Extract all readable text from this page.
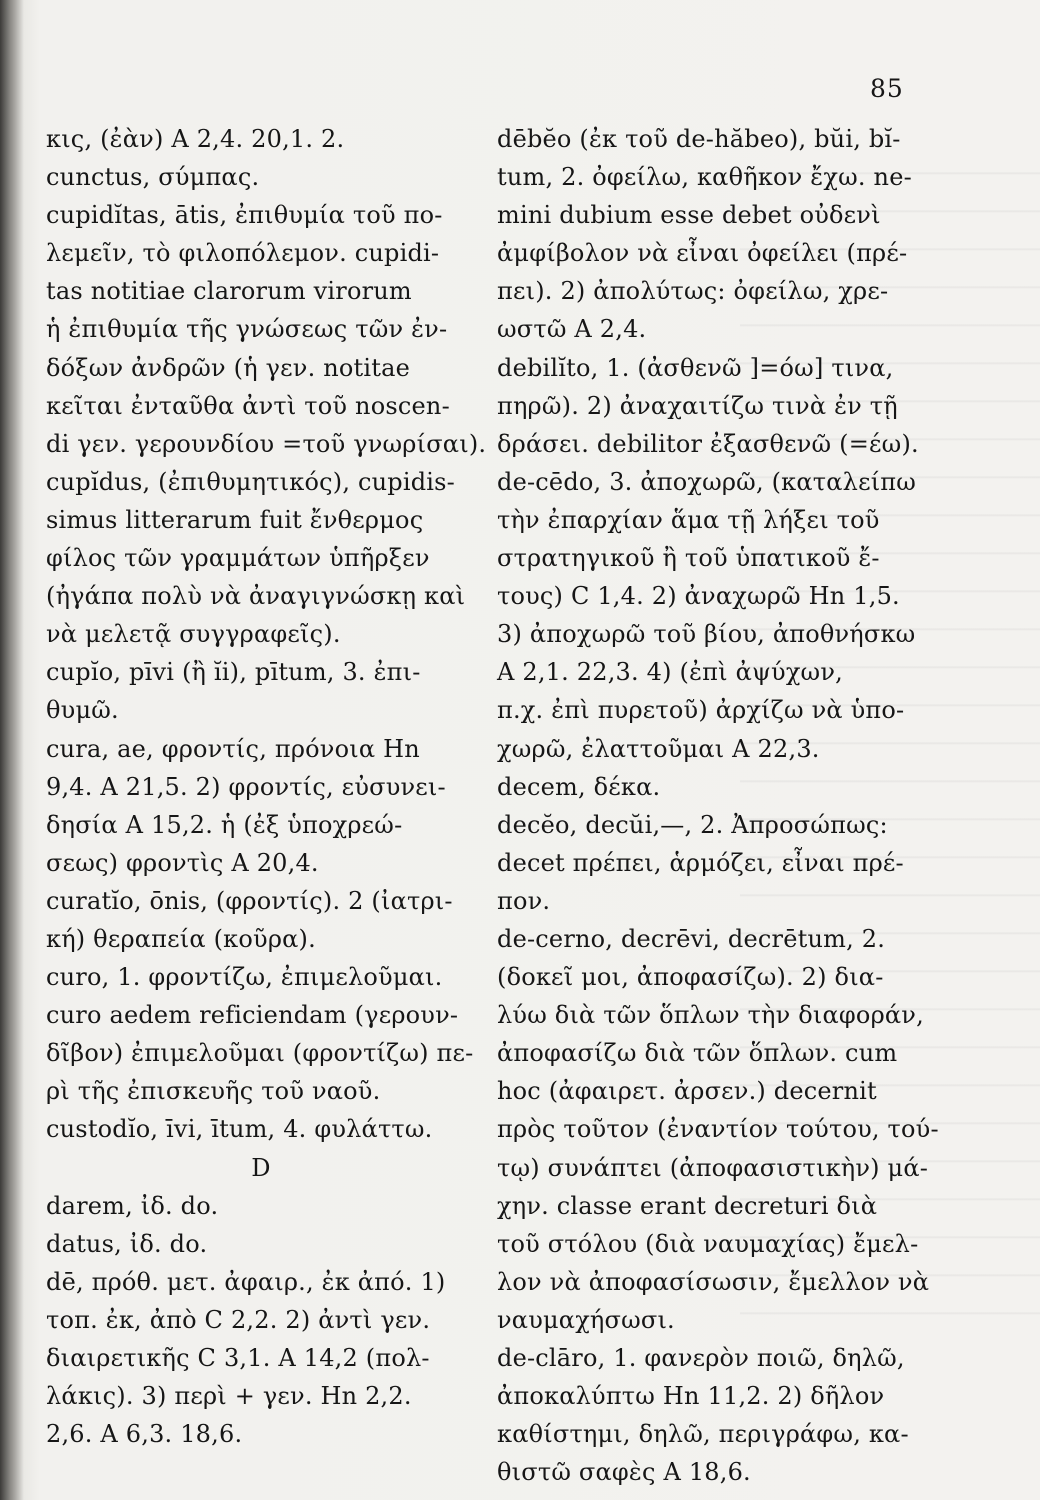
85
κις, (ἐὰν) A 2,4. 20,1. 2.
cunctus, σύμπας.
cupidĭtas, ātis, ἐπιθυμία τοῦ πο-
λεμεῖν, τὸ φιλοπόλεμον. cupidi-
tas notitiae clarorum virorum
ἡ ἐπιθυμία τῆς γνώσεως τῶν ἐν-
δόξων ἀνδρῶν (ἡ γεν. notitae
κεῖται ἐνταῦθα ἀντὶ τοῦ noscen-
di γεν. γερουνδίου =τοῦ γνωρίσαι).
cupĭdus, (ἐπιθυμητικός), cupidis-
simus litterarum fuit ἔνθερμος
φίλος τῶν γραμμάτων ὑπῆρξεν
(ἠγάπα πολὺ νὰ ἀναγιγνώσκῃ καὶ
νὰ μελετᾷ συγγραφεῖς).
cupĭo, pīvi (ἢ ĭi), pītum, 3. ἐπι-
θυμῶ.
cura, ae, φροντίς, πρόνοια Hn
9,4. A 21,5. 2) φροντίς, εὐσυνει-
δησία A 15,2. ἡ (ἐξ ὑποχρεώ-
σεως) φροντὶς A 20,4.
curatĭo, ōnis, (φροντίς). 2 (ἰατρι-
κή) θεραπεία (κοῦρα).
curo, 1. φροντίζω, ἐπιμελοῦμαι.
curo aedem reficiendam (γερουν-
δῖβον) ἐπιμελοῦμαι (φροντίζω) πε-
ρὶ τῆς ἐπισκευῆς τοῦ ναοῦ.
custodĭo, īvi, ītum, 4. φυλάττω.
D
darem, ἰδ. do.
datus, ἰδ. do.
dē, πρόθ. μετ. ἀφαιρ., ἐκ ἀπό. 1)
τοπ. ἐκ, ἀπὸ C 2,2. 2) ἀντὶ γεν.
διαιρετικῆς C 3,1. A 14,2 (πολ-
λάκις). 3) περὶ + γεν. Hn 2,2.
2,6. A 6,3. 18,6.
dēbĕo (ἐκ τοῦ de-hăbeo), bŭi, bĭ-
tum, 2. ὀφείλω, καθῆκον ἔχω. ne-
mini dubium esse debet οὐδενὶ
ἀμφίβολον νὰ εἶναι ὀφείλει (πρέ-
πει). 2) ἀπολύτως: ὀφείλω, χρε-
ωστῶ A 2,4.
debilĭto, 1. (ἀσθενῶ ]=όω] τινα,
πηρῶ). 2) ἀναχαιτίζω τινὰ ἐν τῇ
δράσει. debilitor ἐξασθενῶ (=έω).
de-cēdo, 3. ἀποχωρῶ, (καταλείπω
τὴν ἐπαρχίαν ἅμα τῇ λήξει τοῦ
στρατηγικοῦ ἢ τοῦ ὑπατικοῦ ἔ-
τους) C 1,4. 2) ἀναχωρῶ Hn 1,5.
3) ἀποχωρῶ τοῦ βίου, ἀποθνήσκω
A 2,1. 22,3. 4) (ἐπὶ ἀψύχων,
π.χ. ἐπὶ πυρετοῦ) ἀρχίζω νὰ ὑπο-
χωρῶ, ἐλαττοῦμαι A 22,3.
decem, δέκα.
decĕo, decŭi,—, 2. Ἀπροσώπως:
decet πρέπει, ἁρμόζει, εἶναι πρέ-
πον.
de-cerno, decrēvi, decrētum, 2.
(δοκεῖ μοι, ἀποφασίζω). 2) δια-
λύω διὰ τῶν ὅπλων τὴν διαφοράν,
ἀποφασίζω διὰ τῶν ὅπλων. cum
hoc (ἀφαιρετ. ἀρσεν.) decernit
πρὸς τοῦτον (ἐναντίον τούτου, τού-
τῳ) συνάπτει (ἀποφασιστικὴν) μά-
χην. classe erant decreturi διὰ
τοῦ στόλου (διὰ ναυμαχίας) ἔμελ-
λον νὰ ἀποφασίσωσιν, ἔμελλον νὰ
ναυμαχήσωσι.
de-clāro, 1. φανερὸν ποιῶ, δηλῶ,
ἀποκαλύπτω Hn 11,2. 2) δῆλον
καθίστημι, δηλῶ, περιγράφω, κα-
θιστῶ σαφὲς A 18,6.
